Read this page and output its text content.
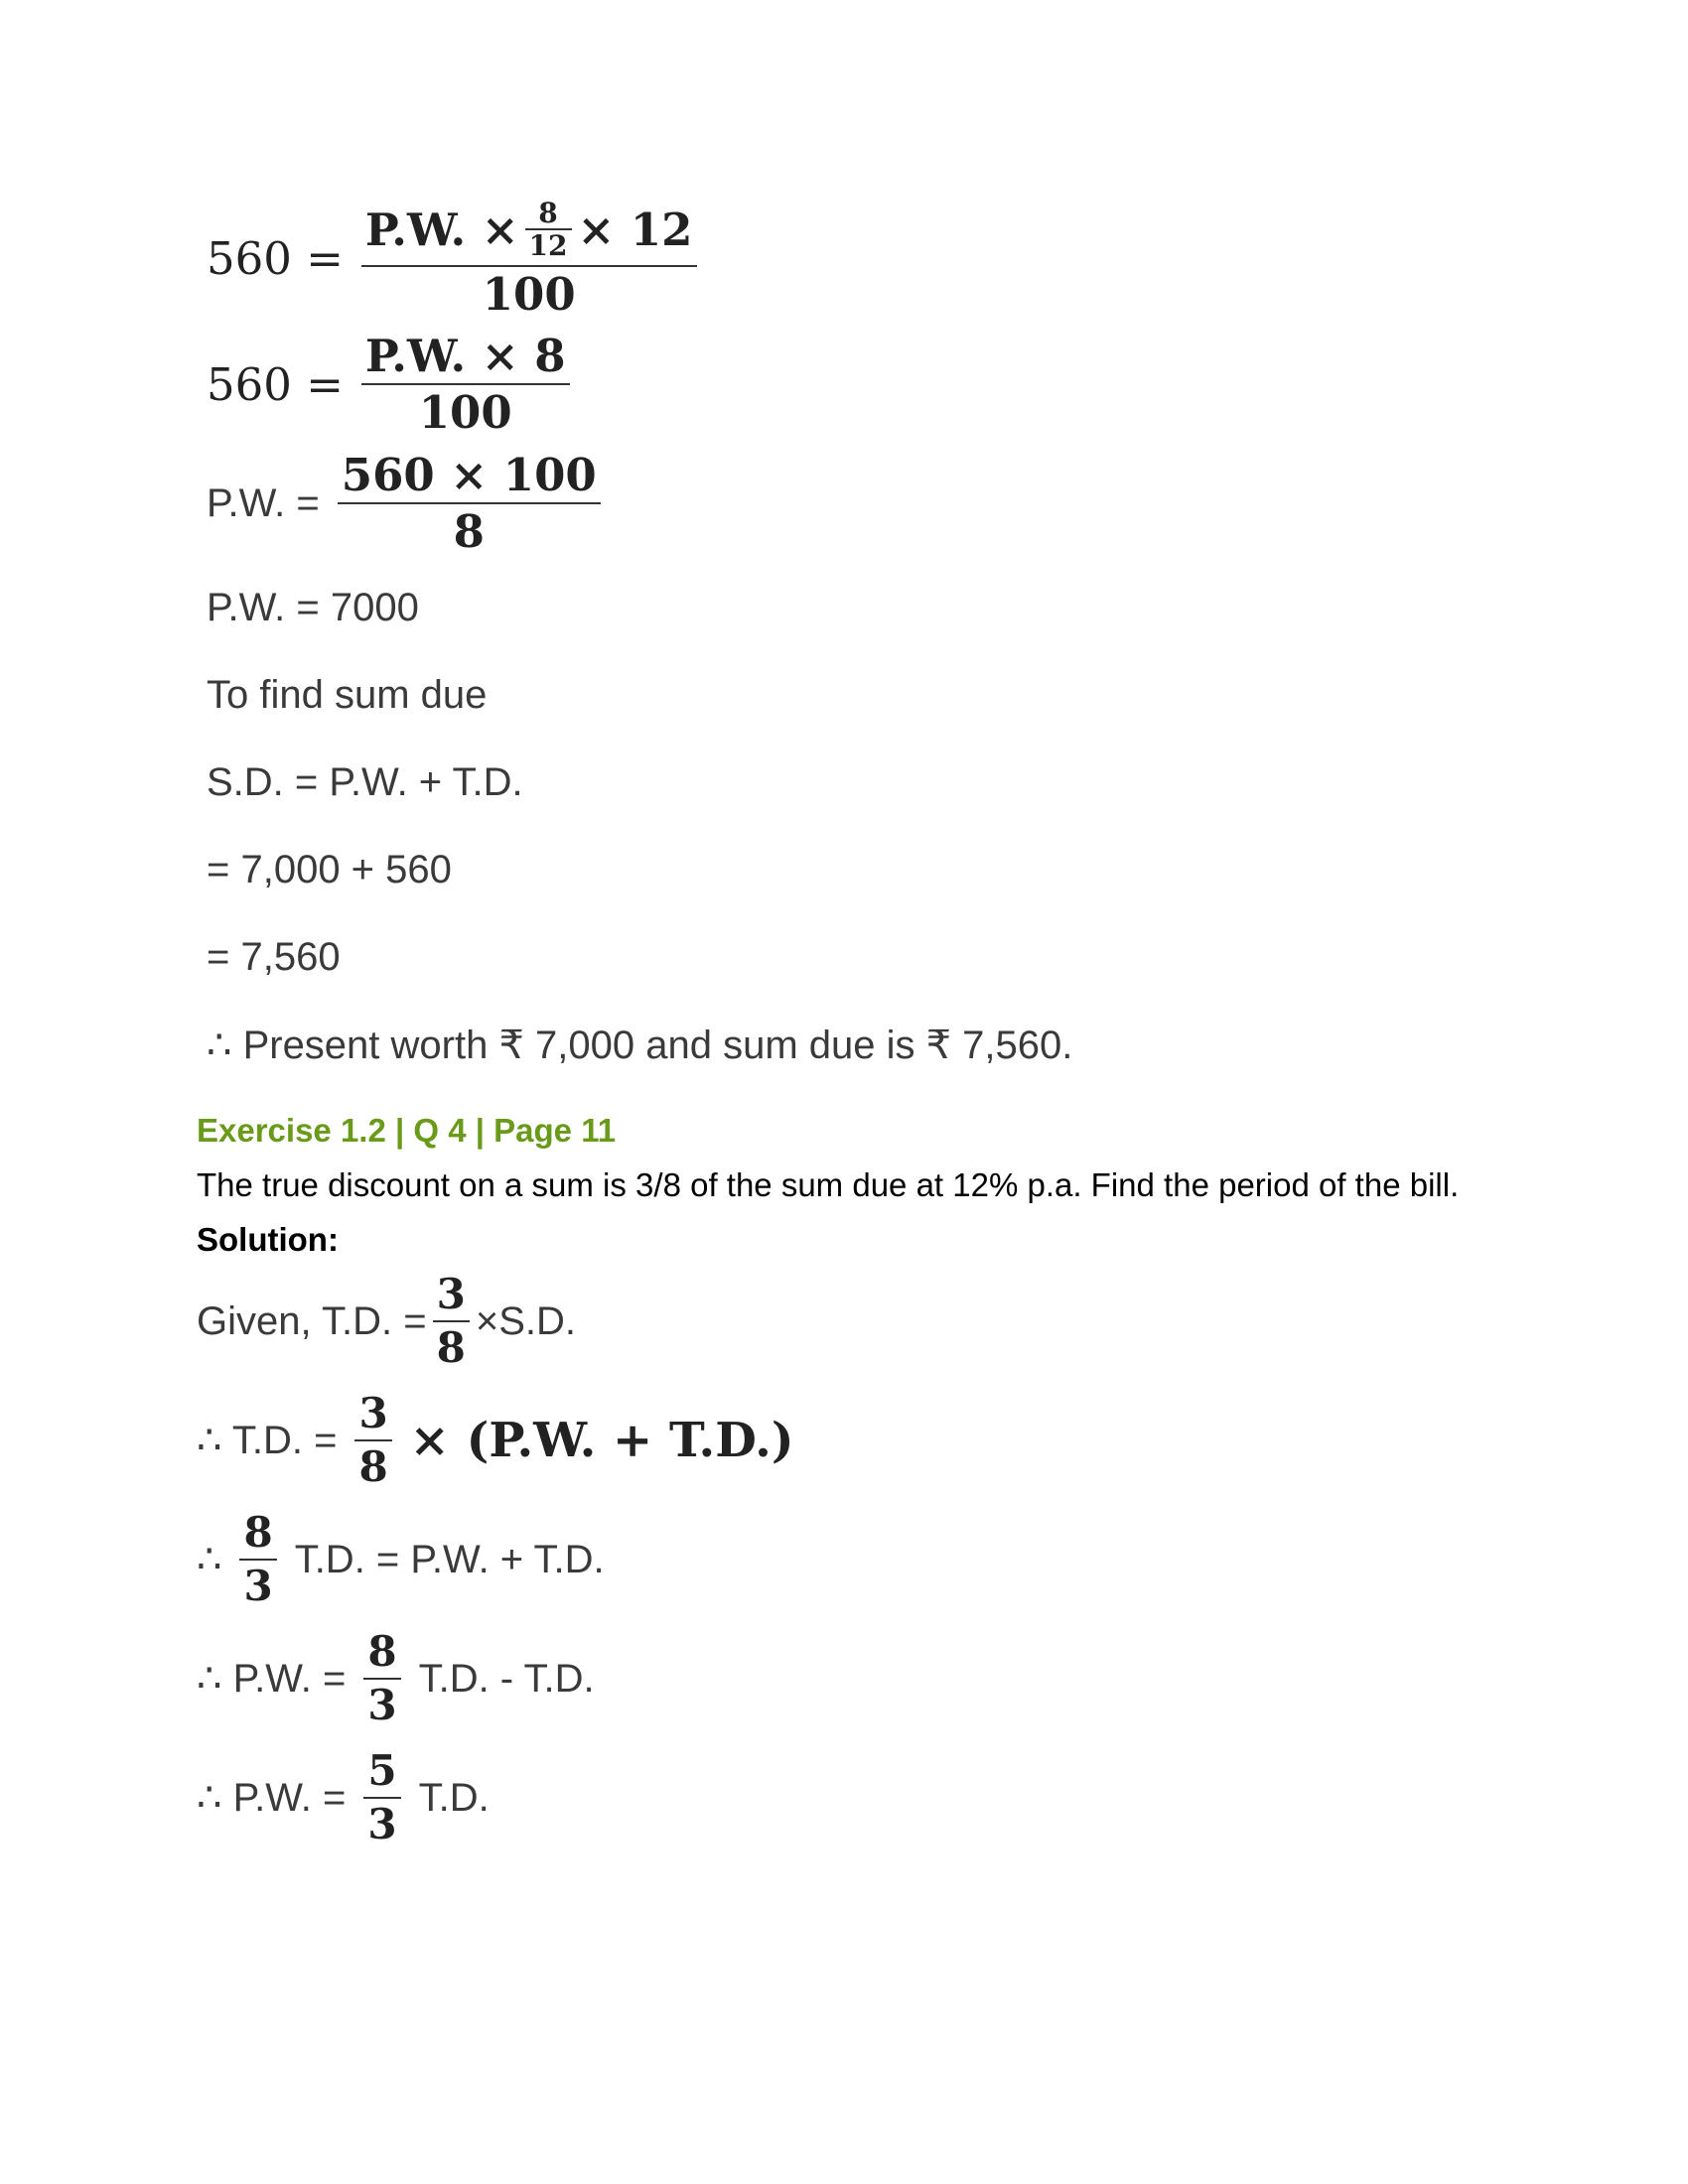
560 =
P.W. × $\frac{8}{12} \times 12$
100
$560 = \frac{P.W. \times 8}{100}$
P.W. = $\frac{560 \times 100}{8}$
P.W. = 7000
To find sum due
S.D. = P.W. + T.D.
= 7,000 + 560
= 7,560
∴ Present worth ₹ 7,000 and sum due is ₹ 7,560.
Exercise 1.2 | Q 4 | Page 11
The true discount on a sum is 3/8 of the sum due at 12% p.a. Find the period of the bill.
Solution:
Given, T.D. = $\frac{3}{8} \times S.D$.
∴ T.D. = $\frac{3}{8} \times (P.W$. + T.D.)
∴ $\frac{8}{3} T.D$. = P.W. + T.D.
∴ P.W. = $\frac{8}{3} T.D$. - T.D.
∴ P.W. = $\frac{5}{3} T.D$.
